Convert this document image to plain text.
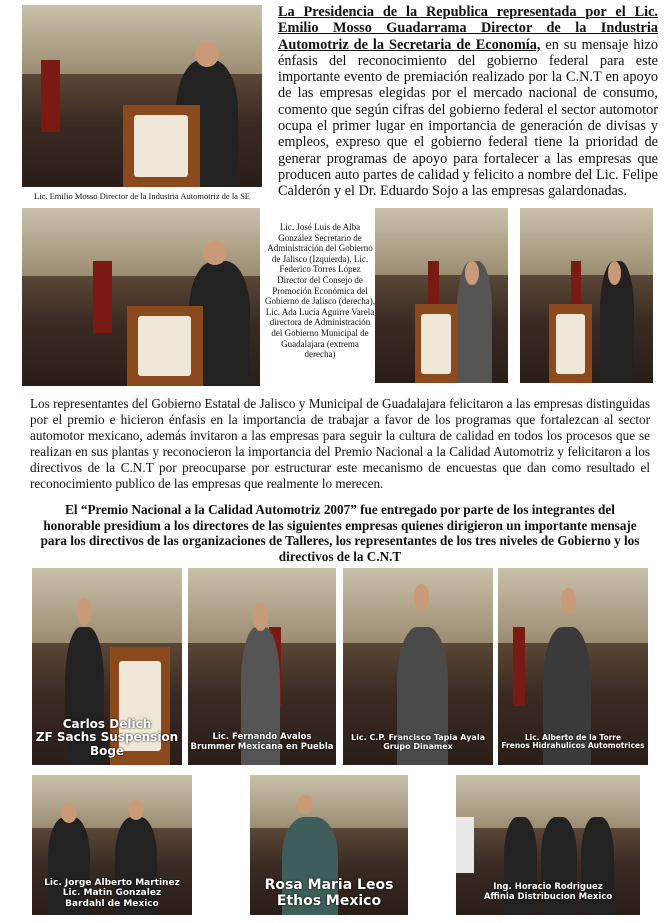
Lic. Emilio Mosso Director de la Industria Automotriz de la SE
La Presidencia de la Republica representada por el Lic. Emilio Mosso Guadarrama Director de la Industria Automotriz de la Secretaria de Economía, en su mensaje hizo énfasis del reconocimiento del gobierno federal para este importante evento de premiación realizado por la C.N.T en apoyo de las empresas elegidas por el mercado nacional de consumo, comento que según cifras del gobierno federal el sector automotor ocupa el primer lugar en importancia de generación de divisas y empleos, expreso que el gobierno federal tiene la prioridad de generar programas de apoyo para fortalecer a las empresas que producen auto partes de calidad y felicito a nombre del Lic. Felipe Calderón y el Dr. Eduardo Sojo a las empresas galardonadas.
Lic. José Luis de Alba González Secretario de Administración del Gobierno de Jalisco (Izquierda), Lic. Federico Torres López Director del Consejo de Promoción Económica del Gobierno de Jalisco (derecha), Lic. Ada Lucia Aguirre Varela directora de Administración del Gobierno Municipal de Guadalajara (extrema derecha)
Los representantes del Gobierno Estatal de Jalisco y Municipal de Guadalajara felicitaron a las empresas distinguidas por el premio e hicieron énfasis en la importancia de trabajar a favor de los programas que fortalezcan al sector automotor mexicano, además invitaron a las empresas para seguir la cultura de calidad en todos los procesos que se realizan en sus plantas y reconocieron la importancia del Premio Nacional a la Calidad Automotriz y felicitaron a los directivos de la C.N.T por preocuparse por estructurar este mecanismo de encuestas que dan como resultado el reconocimiento publico de las empresas que realmente lo merecen.
El “Premio Nacional a la Calidad Automotriz 2007” fue entregado por parte de los integrantes del honorable presidium a los directores de las siguientes empresas quienes dirigieron un importante mensaje para los directivos de las organizaciones de Talleres, los representantes de los tres niveles de Gobierno y los directivos de la C.N.T
Carlos Delich
ZF Sachs Suspension
Boge
Lic. Fernando Avalos
Brummer Mexicana en Puebla
Lic. C.P. Francisco Tapia Ayala
Grupo Dinamex
Lic. Alberto de la Torre
Frenos Hidrahulicos Automotrices
Lic. Jorge Alberto Martinez
Lic. Matin Gonzalez
Bardahl de Mexico
Rosa Maria Leos
Ethos Mexico
Ing. Horacio Rodriguez
Affinia Distribucion Mexico
